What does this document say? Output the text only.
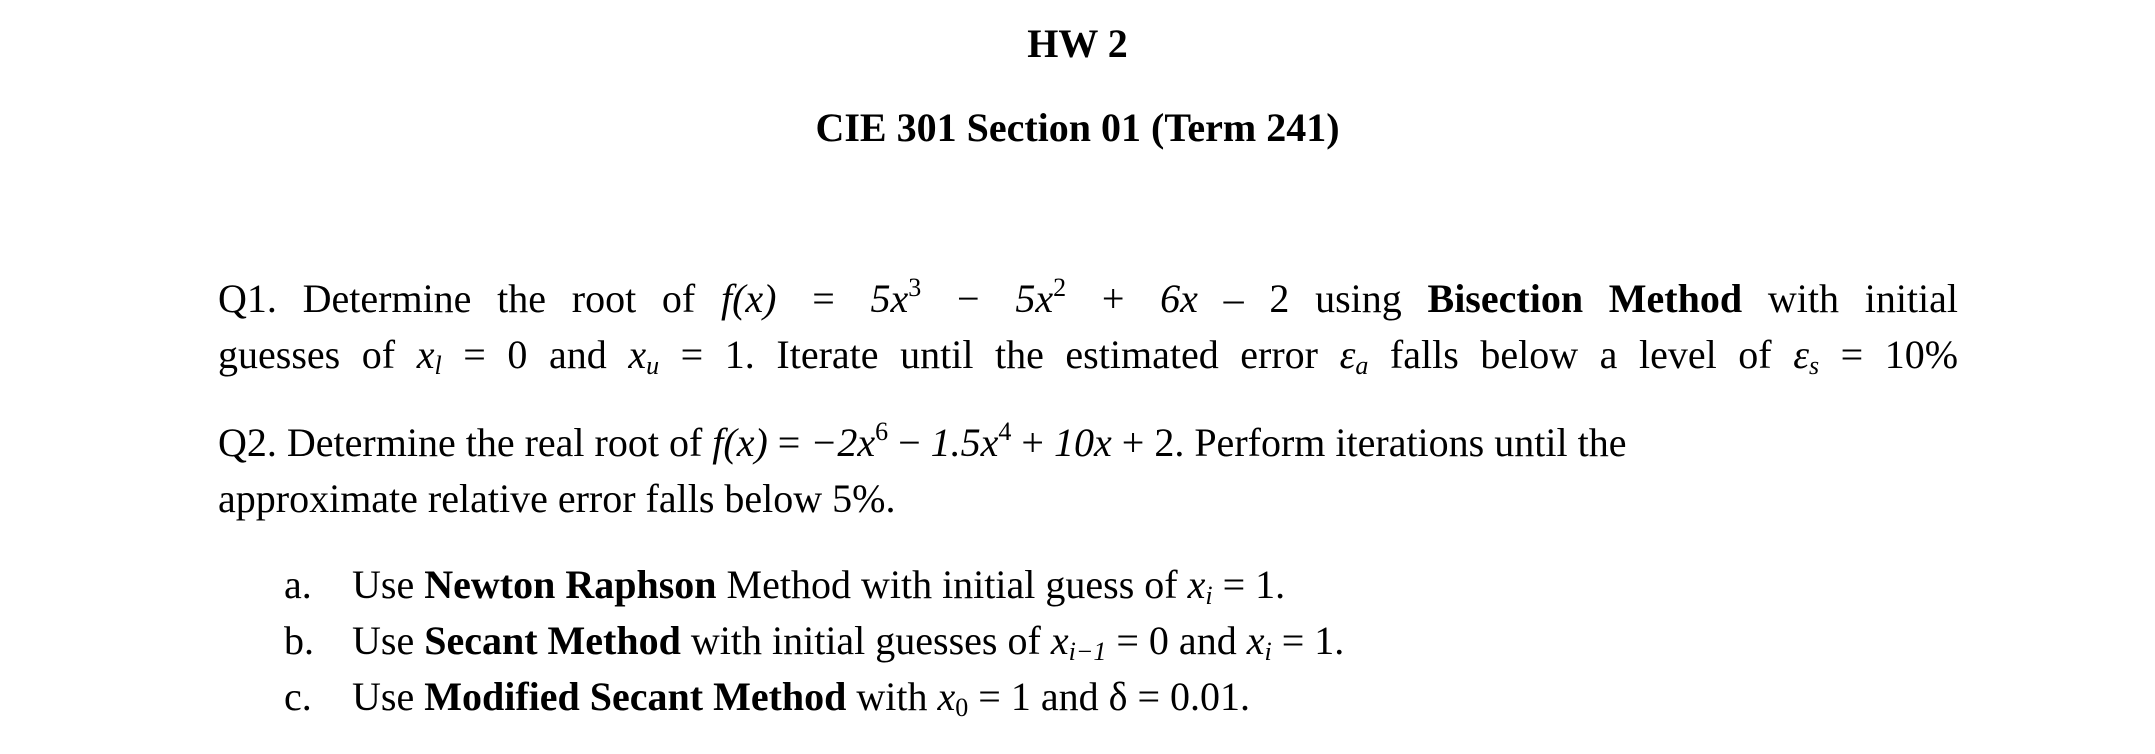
HW 2
CIE 301 Section 01 (Term 241)
Q1. Determine the root of $f(x) = 5x^3 - 5x^2 + 6x - 2$ using Bisection Method with initial
guesses of $x_l = 0$ and $x_u = 1$. Iterate until the estimated error $\varepsilon_a$ falls below a level of $\varepsilon_s = 10\%$
Q2. Determine the real root of $f(x) = -2x^6 - 1.5x^4 + 10x + 2$. Perform iterations until the
approximate relative error falls below 5%.
a.	Use Newton Raphson Method with initial guess of $x_i = 1$.
b. Use Secant Method with initial guesses of $x_{i-1} = 0$ and $x_i = 1$.
c.	Use Modified Secant Method with $x_0 = 1$ and δ = 0.01.
